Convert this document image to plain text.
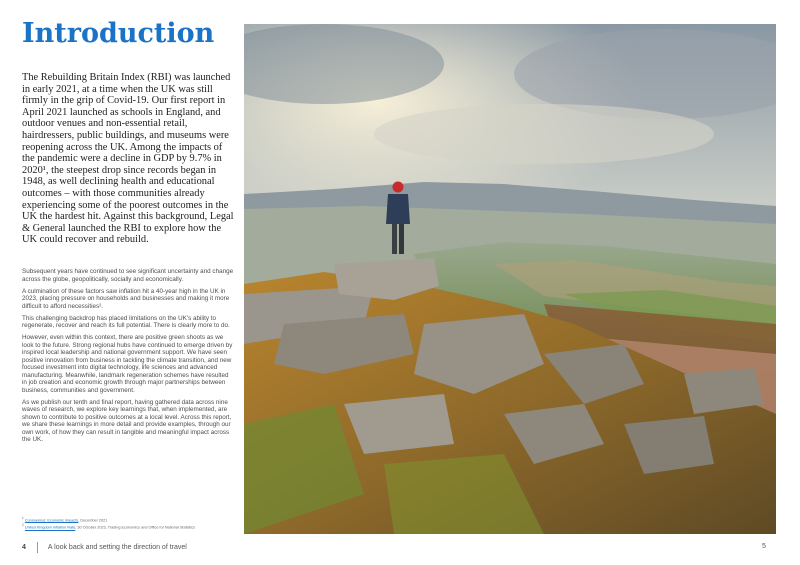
Introduction

The Rebuilding Britain Index (RBI) was launched in early 2021, at a time when the UK was still firmly in the grip of Covid-19. Our first report in April 2021 launched as schools in England, and outdoor venues and non-essential retail, hairdressers, public buildings, and museums were reopening across the UK. Among the impacts of the pandemic were a decline in GDP by 9.7% in 2020¹, the steepest drop since records began in 1948, as well declining health and educational outcomes – with those communities already experiencing some of the poorest outcomes in the UK the hardest hit. Against this background, Legal & General launched the RBI to explore how the UK could recover and rebuild.

Subsequent years have continued to see significant uncertainty and change across the globe, geopolitically, socially and economically.

A culmination of these factors saw inflation hit a 40-year high in the UK in 2023, placing pressure on households and businesses and making it more difficult to afford necessities².

This challenging backdrop has placed limitations on the UK's ability to regenerate, recover and reach its full potential. There is clearly more to do.

However, even within this context, there are positive green shoots as we look to the future. Strong regional hubs have continued to emerge driven by inspired local leadership and national government support. We have seen positive innovation from business in tackling the climate transition, and new focused investment into digital technology, life sciences and advanced manufacturing. Meanwhile, landmark regeneration schemes have resulted in job creation and economic growth through major partnerships between business, communities and government.

As we publish our tenth and final report, having gathered data across nine waves of research, we explore key learnings that, when implemented, are shown to contribute to positive outcomes at a local level. Across this report, we share these learnings in more detail and provide examples, through our own work, of how they can result in tangible and meaningful impact across the UK.

$^1$ Coronavirus: Economic impacts, December 2021
$^2$ United Kingdom Inflation Rate, 30 October 2023, Trading Economics and Office for National Statistics
4	A look back and setting the direction of travel	5
